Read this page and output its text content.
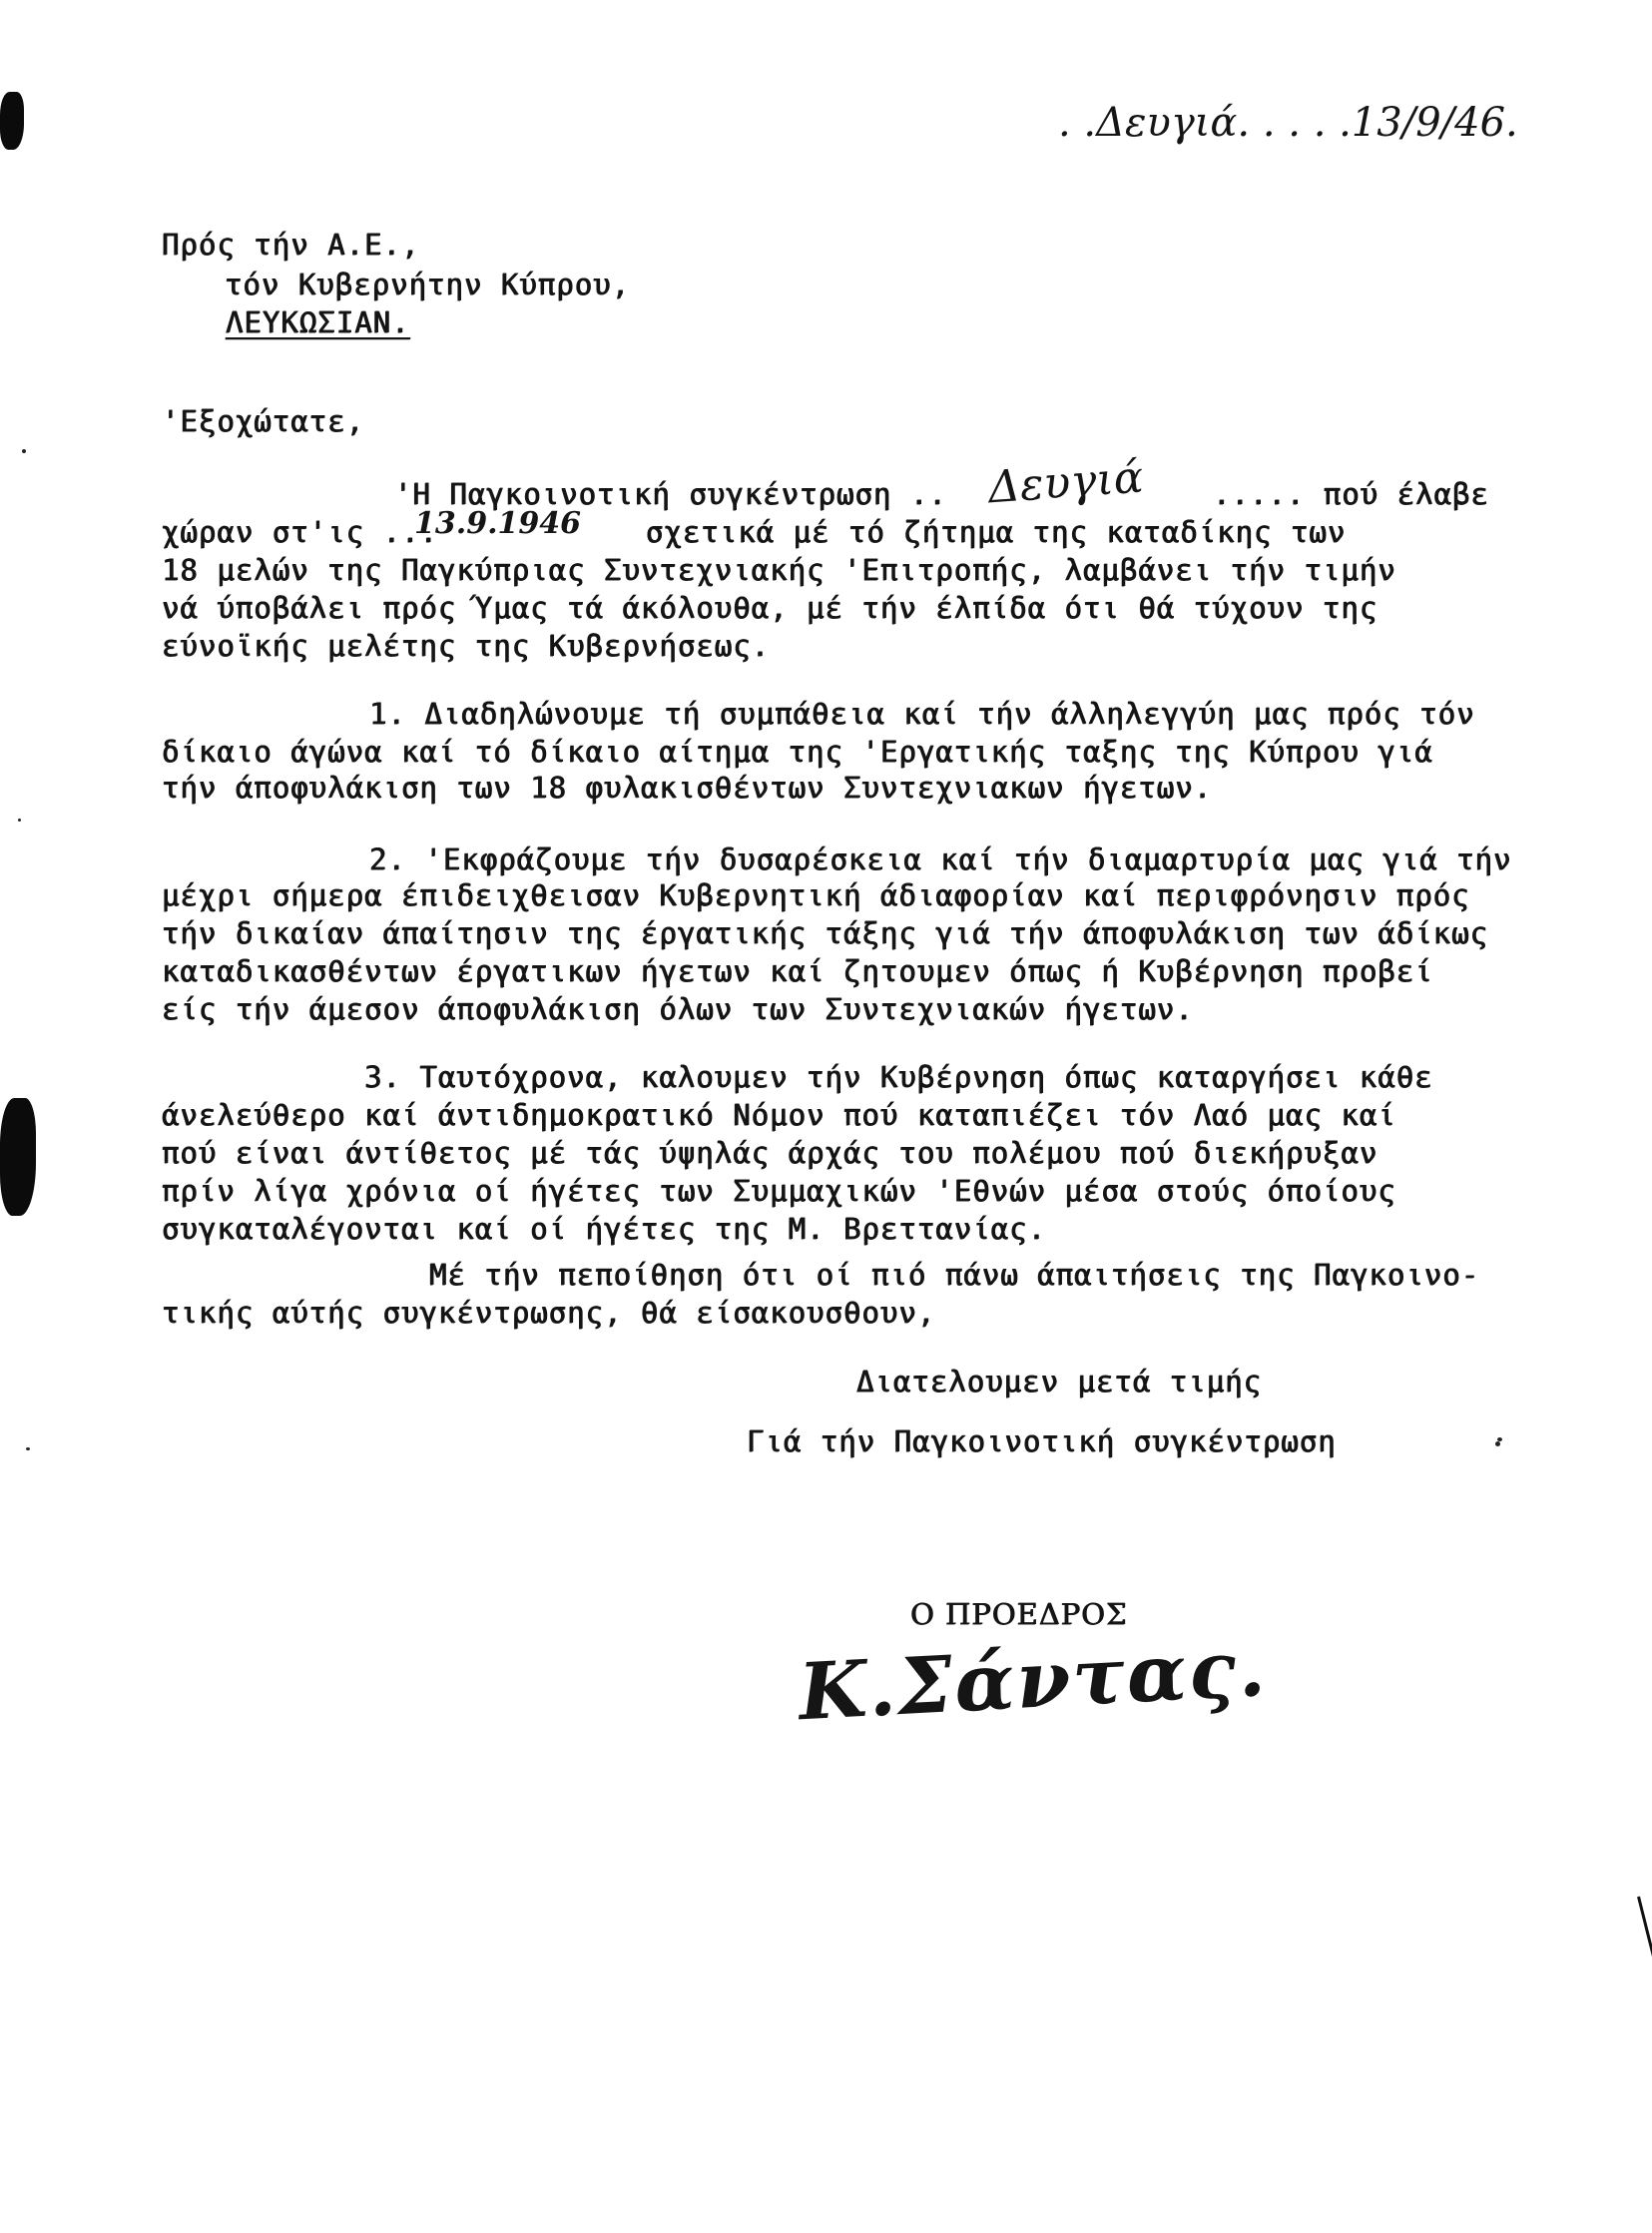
. .Δευγιά. . . . .13/9/46.
Πρός τήν Α.Ε.,
τόν Κυβερνήτην Κύπρου,
ΛΕΥΚΩΣΙΑΝ.
'Εξοχώτατε,
'Η Παγκοινοτική συγκέντρωση .. Δευγιά ..... πού έλαβε
χώραν στ'ις ...
13.9.1946 σχετικά μέ τό ζήτημα της καταδίκης των
18 μελών της Παγκύπριας Συντεχνιακής 'Επιτροπής, λαμβάνει τήν τιμήν
νά ύποβάλει πρός Ύμας τά άκόλουθα, μέ τήν έλπίδα ότι θά τύχουν της
εύνοϊκής μελέτης της Κυβερνήσεως.
1. Διαδηλώνουμε τή συμπάθεια καί τήν άλληλεγγύη μας πρός τόν
δίκαιο άγώνα καί τό δίκαιο αίτημα της 'Εργατικής ταξης της Κύπρου γιά
τήν άποφυλάκιση των 18 φυλακισθέντων Συντεχνιακων ήγετων.
2. 'Εκφράζουμε τήν δυσαρέσκεια καί τήν διαμαρτυρία μας γιά τήν
μέχρι σήμερα έπιδειχθεισαν Κυβερνητική άδιαφορίαν καί περιφρόνησιν πρός
τήν δικαίαν άπαίτησιν της έργατικής τάξης γιά τήν άποφυλάκιση των άδίκως
καταδικασθέντων έργατικων ήγετων καί ζητουμεν όπως ή Κυβέρνηση προβεί
είς τήν άμεσον άποφυλάκιση όλων των Συντεχνιακών ήγετων.
3. Ταυτόχρονα, καλουμεν τήν Κυβέρνηση όπως καταργήσει κάθε
άνελεύθερο καί άντιδημοκρατικό Νόμον πού καταπιέζει τόν Λαό μας καί
πού είναι άντίθετος μέ τάς ύψηλάς άρχάς του πολέμου πού διεκήρυξαν
πρίν λίγα χρόνια οί ήγέτες των Συμμαχικών 'Εθνών μέσα στούς όποίους
συγκαταλέγονται καί οί ήγέτες της Μ. Βρεττανίας.
Μέ τήν πεποίθηση ότι οί πιό πάνω άπαιτήσεις της Παγκοινο-
τικής αύτής συγκέντρωσης, θά είσακουσθουν,
Διατελουμεν μετά τιμής
Γιά τήν Παγκοινοτική συγκέντρωση
Ο ΠΡΟΕΔΡΟΣ
Κ.Σάντας.
